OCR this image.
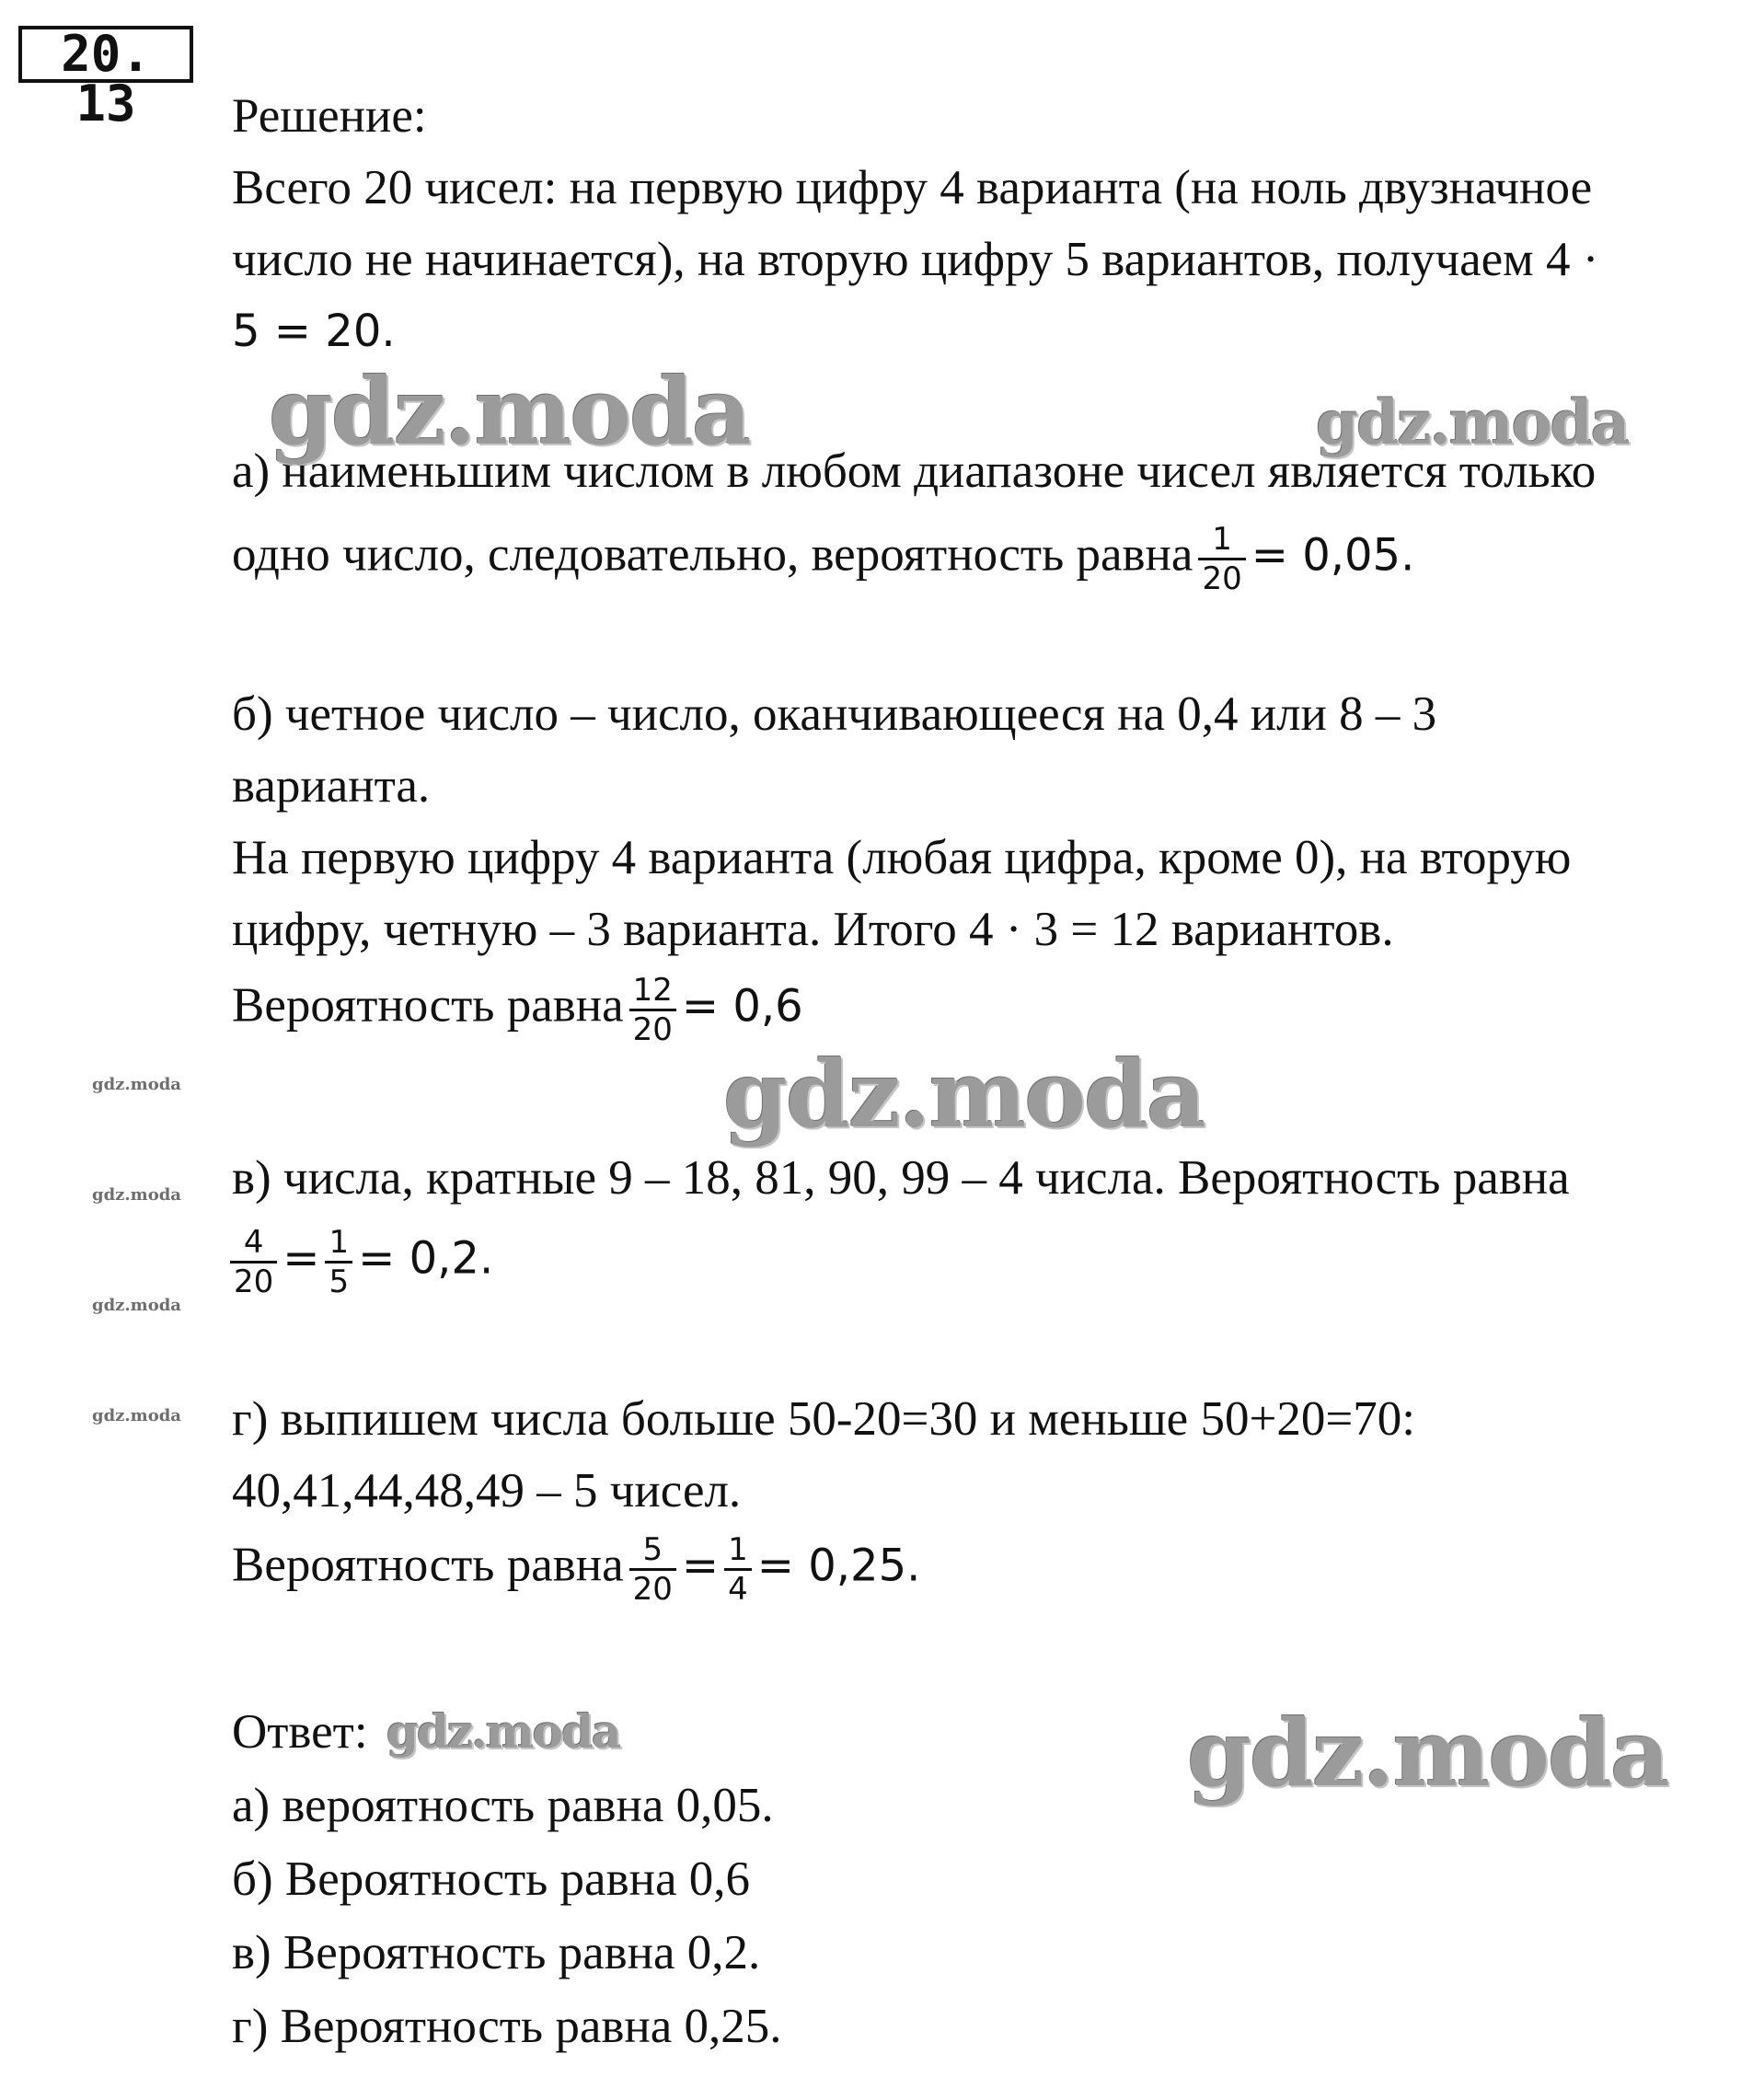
20. 13	Решение:
Всего 20 чисел: на первую цифру 4 варианта (на ноль двузначное
число не начинается), на вторую цифру 5 вариантов, получаем 4 ·
5 = 20.
а) наименьшим числом в любом диапазоне чисел является только
одно число, следовательно, вероятность равна $\frac{1}{20} = 0,05$.
б) четное число – число, оканчивающееся на 0,4 или 8 – 3
варианта.
На первую цифру 4 варианта (любая цифра, кроме 0), на вторую
цифру, четную – 3 варианта. Итого 4 · 3 = 12 вариантов.
Вероятность равна $\frac{12}{20} = 0,6$
в) числа, кратные 9 – 18, 81, 90, 99 – 4 числа. Вероятность равна
$\frac{4}{20} = \frac{1}{5} = 0,2$.
г) выпишем числа больше 50-20=30 и меньше 50+20=70:
40,41,44,48,49 – 5 чисел.
Вероятность равна $\frac{5}{20} = \frac{1}{4} = 0,25$.
Ответ:
а) вероятность равна 0,05.
б) Вероятность равна 0,6
в) Вероятность равна 0,2.
г) Вероятность равна 0,25.
gdz.moda	gdz.moda
gdz.moda
gdz.moda	gdz.moda
gdz.moda
gdz.moda
gdz.moda
gdz.moda
